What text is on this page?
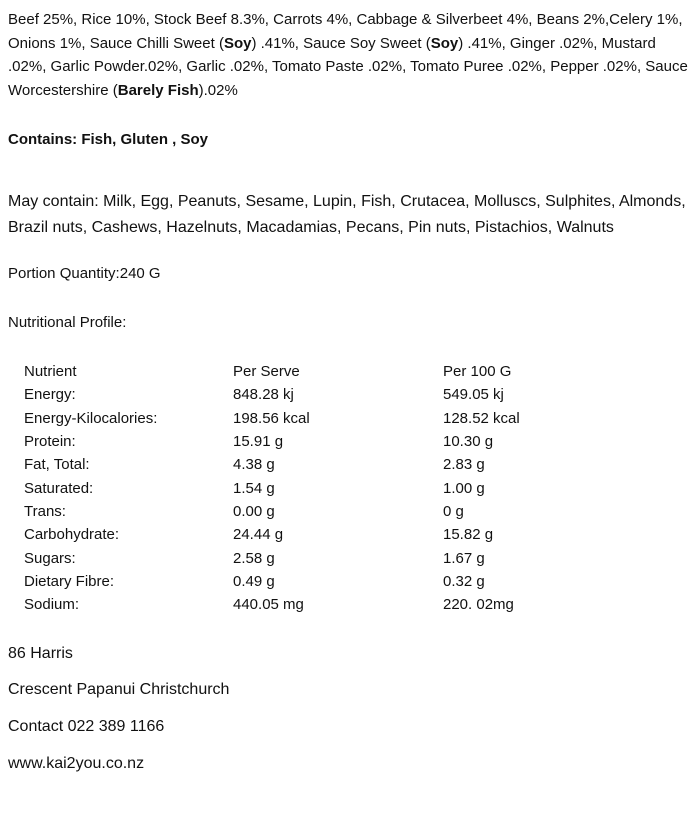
Beef 25%, Rice 10%, Stock Beef 8.3%, Carrots 4%, Cabbage & Silverbeet 4%, Beans 2%,Celery 1%, Onions 1%, Sauce Chilli Sweet (Soy) .41%, Sauce Soy Sweet (Soy) .41%, Ginger .02%, Mustard .02%, Garlic Powder.02%, Garlic .02%, Tomato Paste .02%, Tomato Puree .02%, Pepper .02%, Sauce Worcestershire (Barely Fish).02%

Contains: Fish, Gluten , Soy
May contain: Milk, Egg, Peanuts, Sesame, Lupin, Fish, Crutacea, Molluscs, Sulphites, Almonds, Brazil nuts, Cashews, Hazelnuts, Macadamias, Pecans, Pin nuts, Pistachios, Walnuts
Portion Quantity:240 G
Nutritional Profile:
Nutrient	Per Serve	Per 100 G
Energy:	848.28 kj	549.05 kj
Energy-Kilocalories:	198.56 kcal	128.52 kcal
Protein:	15.91 g	10.30 g
Fat, Total:	4.38 g	2.83 g
Saturated:	1.54 g	1.00 g
Trans:	0.00 g	0 g
Carbohydrate:	24.44 g	15.82 g
Sugars:	2.58 g	1.67 g
Dietary Fibre:	0.49 g	0.32 g
Sodium:	440.05 mg	220. 02mg
86 Harris
Crescent Papanui Christchurch
Contact 022 389 1166
www.kai2you.co.nz
